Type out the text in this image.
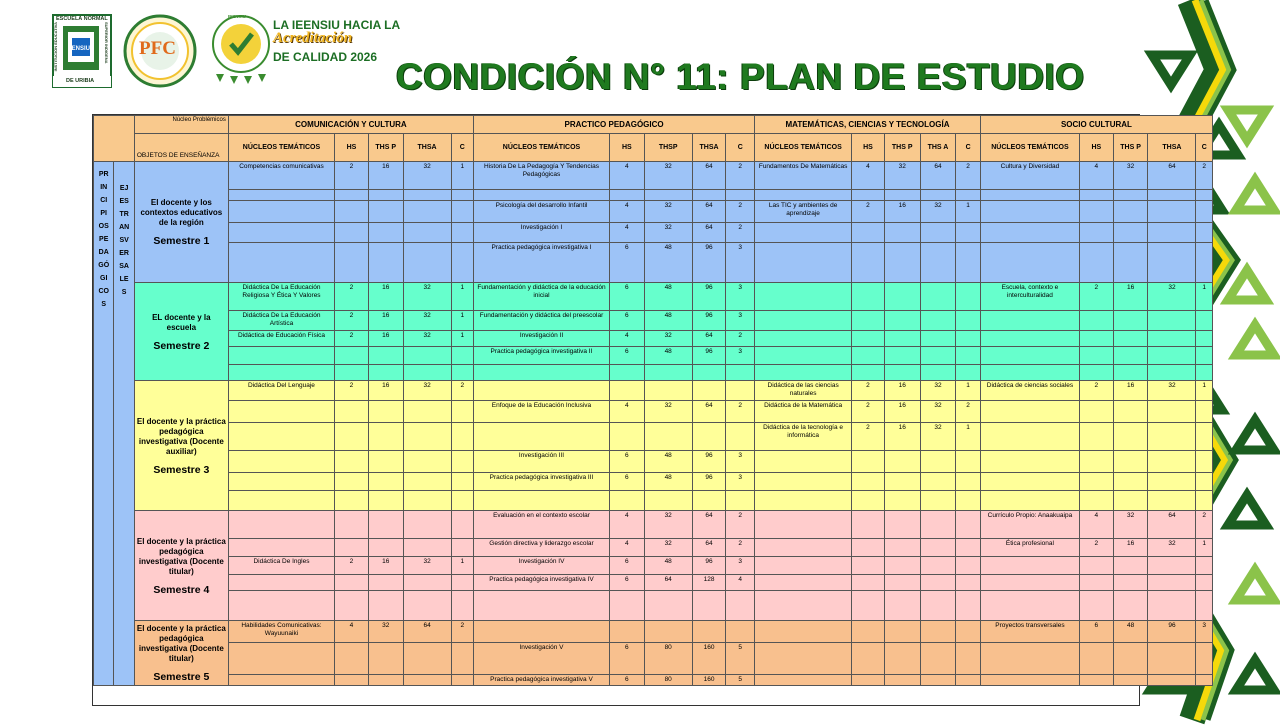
ESCUELA NORMAL
IENSIU
DE URIBIA
SUPERIOR INDIGENA
INSTITUCION EDUCATIVA	PFC
IEENSIU
LA IEENSIU HACIA LA
Acreditación
DE CALIDAD 2026 CONDICIÓN N° 11: PLAN DE ESTUDIO
		Núcleo Problémicos	COMUNICACIÓN Y CULTURA					PRACTICO PEDAGÓGICO					MATEMÁTICAS, CIENCIAS Y TECNOLOGÍA					SOCIO CULTURAL				
		OBJETOS DE ENSEÑANZA	NÚCLEOS TEMÁTICOS	HS	THS P	THSA	C	NÚCLEOS TEMÁTICOS	HS	THSP	THSA	C	NÚCLEOS TEMÁTICOS	HS	THS P	THS A	C	NÚCLEOS TEMÁTICOS	HS	THS P	THSA	C
PRINCIPIOS PEDAGÓGICOS	EJES TRANSVERSALES	El docente y los contextos educativos de la región
Semestre 1	Competencias comunicativas	2	16	32	1	Historia De La Pedagogía Y Tendencias Pedagógicas	4	32	64	2	Fundamentos De Matemáticas	4	32	64	2	Cultura y Diversidad	4	32	64	2

								Psicología del desarrollo Infantil	4	32	64	2	Las TIC y ambientes de aprendizaje	2	16	32	1					
								Investigación I	4	32	64	2										
								Practica pedagógica investigativa I	6	48	96	3										

		EL docente y la escuela
Semestre 2	Didáctica De La Educación Religiosa Y Ética Y Valores	2	16	32	1	Fundamentación y didáctica de la educación inicial	6	48	96	3						Escuela, contexto e interculturalidad	2	16	32	1
			Didáctica De La Educación Artística	2	16	32	1	Fundamentación y didáctica del preescolar	6	48	96	3										
			Didáctica de Educación Física	2	16	32	1	Investigación II	4	32	64	2										
								Practica pedagógica investigativa II	6	48	96	3										

		El docente y la práctica pedagógica investigativa (Docente auxiliar)
Semestre 3	Didáctica Del Lenguaje	2	16	32	2						Didáctica de las ciencias naturales	2	16	32	1	Didáctica de ciencias sociales	2	16	32	1
								Enfoque de la Educación Inclusiva	4	32	64	2	Didáctica de la Matemática	2	16	32	2					
													Didáctica de la tecnología e informática	2	16	32	1					
								Investigación III	6	48	96	3										
								Practica pedagógica investigativa III	6	48	96	3										

		El docente y la práctica pedagógica investigativa (Docente titular)
Semestre 4						Evaluación en el contexto escolar	4	32	64	2						Currículo Propio: Anaakuaipa	4	32	64	2
								Gestión directiva y liderazgo escolar	4	32	64	2						Ética profesional	2	16	32	1
			Didáctica De Ingles	2	16	32	1	Investigación IV	6	48	96	3										
								Practica pedagógica investigativa IV	6	64	128	4										

		El docente y la práctica pedagógica investigativa (Docente titular)
Semestre 5	Habilidades Comunicativas: Wayuunaiki	4	32	64	2											Proyectos transversales	6	48	96	3
								Investigación V	6	80	160	5										
								Practica pedagógica investigativa V	6	80	160	5										
